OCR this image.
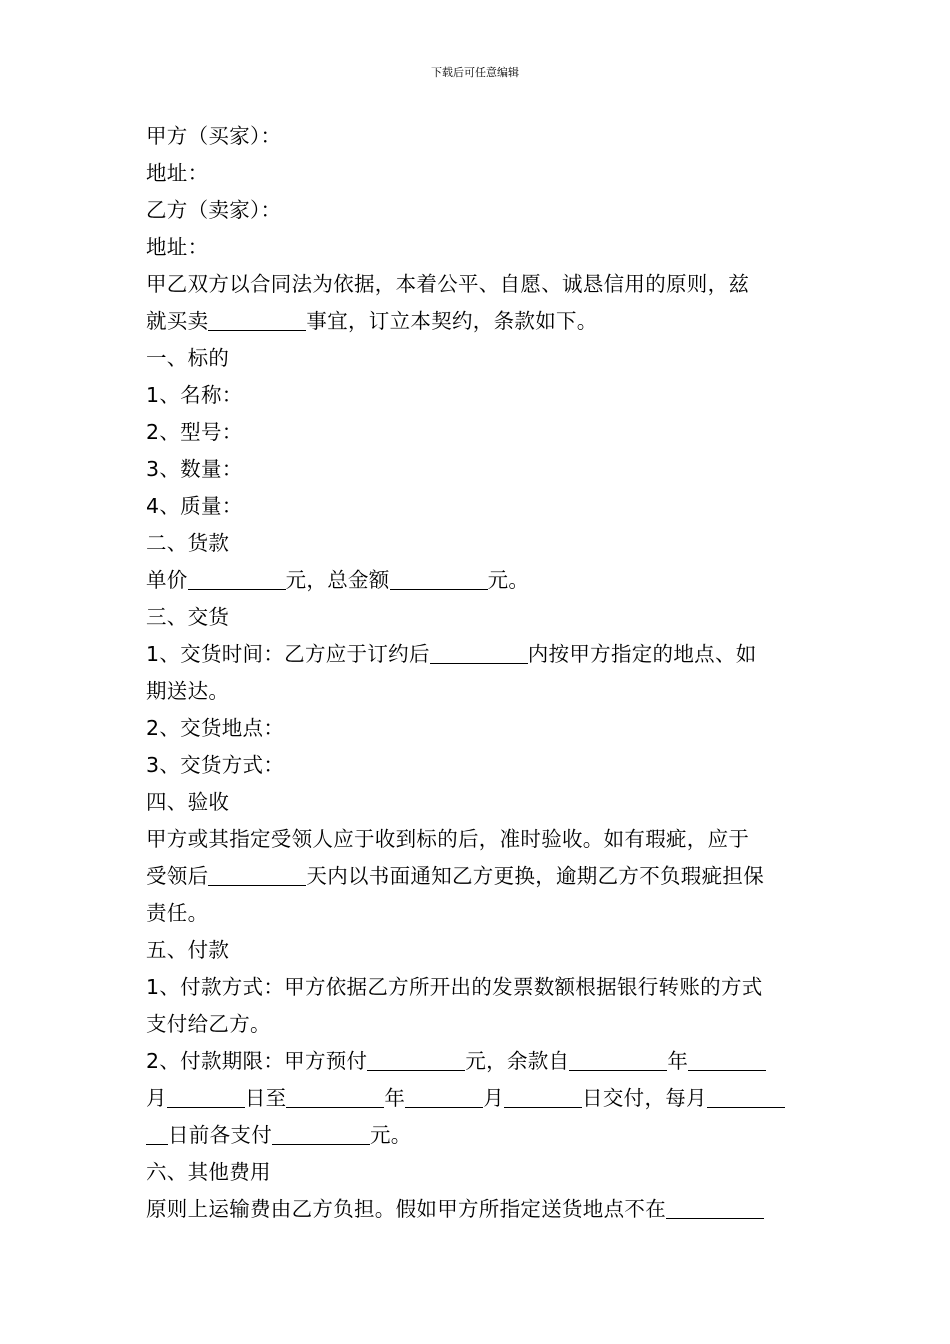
下载后可任意编辑
甲方（买家）：
地址：
乙方（卖家）：
地址：
甲乙双方以合同法为依据，本着公平、自愿、诚恳信用的原则，兹
就买卖	事宜，订立本契约，条款如下。
一、标的
1、名称：
2、型号：
3、数量：
4、质量：
二、货款
单价	元，总金额	元。
三、交货
1、交货时间：乙方应于订约后	内按甲方指定的地点、如
期送达。
2、交货地点：
3、交货方式：
四、验收
甲方或其指定受领人应于收到标的后，准时验收。如有瑕疵，应于
受领后	天内以书面通知乙方更换，逾期乙方不负瑕疵担保
责任。
五、付款
1、付款方式：甲方依据乙方所开出的发票数额根据银行转账的方式
支付给乙方。
2、付款期限：甲方预付	元，余款自	年
月	日至	年	月	日交付，每月
日前各支付	元。
六、其他费用
原则上运输费由乙方负担。假如甲方所指定送货地点不在
